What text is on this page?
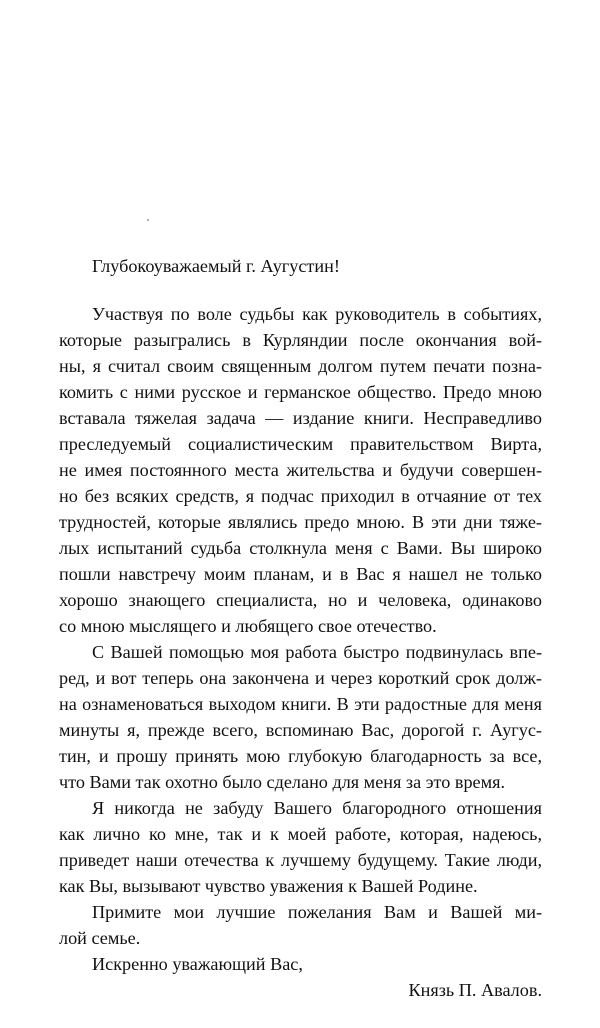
Глубокоуважаемый г. Аугустин!
Участвуя по воле судьбы как руководитель в событиях,
которые разыгрались в Курляндии после окончания вой-
ны, я считал своим священным долгом путем печати позна-
комить с ними русское и германское общество. Предо мною
вставала тяжелая задача — издание книги. Несправедливо
преследуемый социалистическим правительством Вирта,
не имея постоянного места жительства и будучи совершен-
но без всяких средств, я подчас приходил в отчаяние от тех
трудностей, которые являлись предо мною. В эти дни тяже-
лых испытаний судьба столкнула меня с Вами. Вы широко
пошли навстречу моим планам, и в Вас я нашел не только
хорошо знающего специалиста, но и человека, одинаково
со мною мыслящего и любящего свое отечество.
С Вашей помощью моя работа быстро подвинулась впе-
ред, и вот теперь она закончена и через короткий срок долж-
на ознаменоваться выходом книги. В эти радостные для меня
минуты я, прежде всего, вспоминаю Вас, дорогой г. Аугус-
тин, и прошу принять мою глубокую благодарность за все,
что Вами так охотно было сделано для меня за это время.
Я никогда не забуду Вашего благородного отношения
как лично ко мне, так и к моей работе, которая, надеюсь,
приведет наши отечества к лучшему будущему. Такие люди,
как Вы, вызывают чувство уважения к Вашей Родине.
Примите мои лучшие пожелания Вам и Вашей ми-
лой семье.
Искренно уважающий Вас,
Князь П. Авалов.
